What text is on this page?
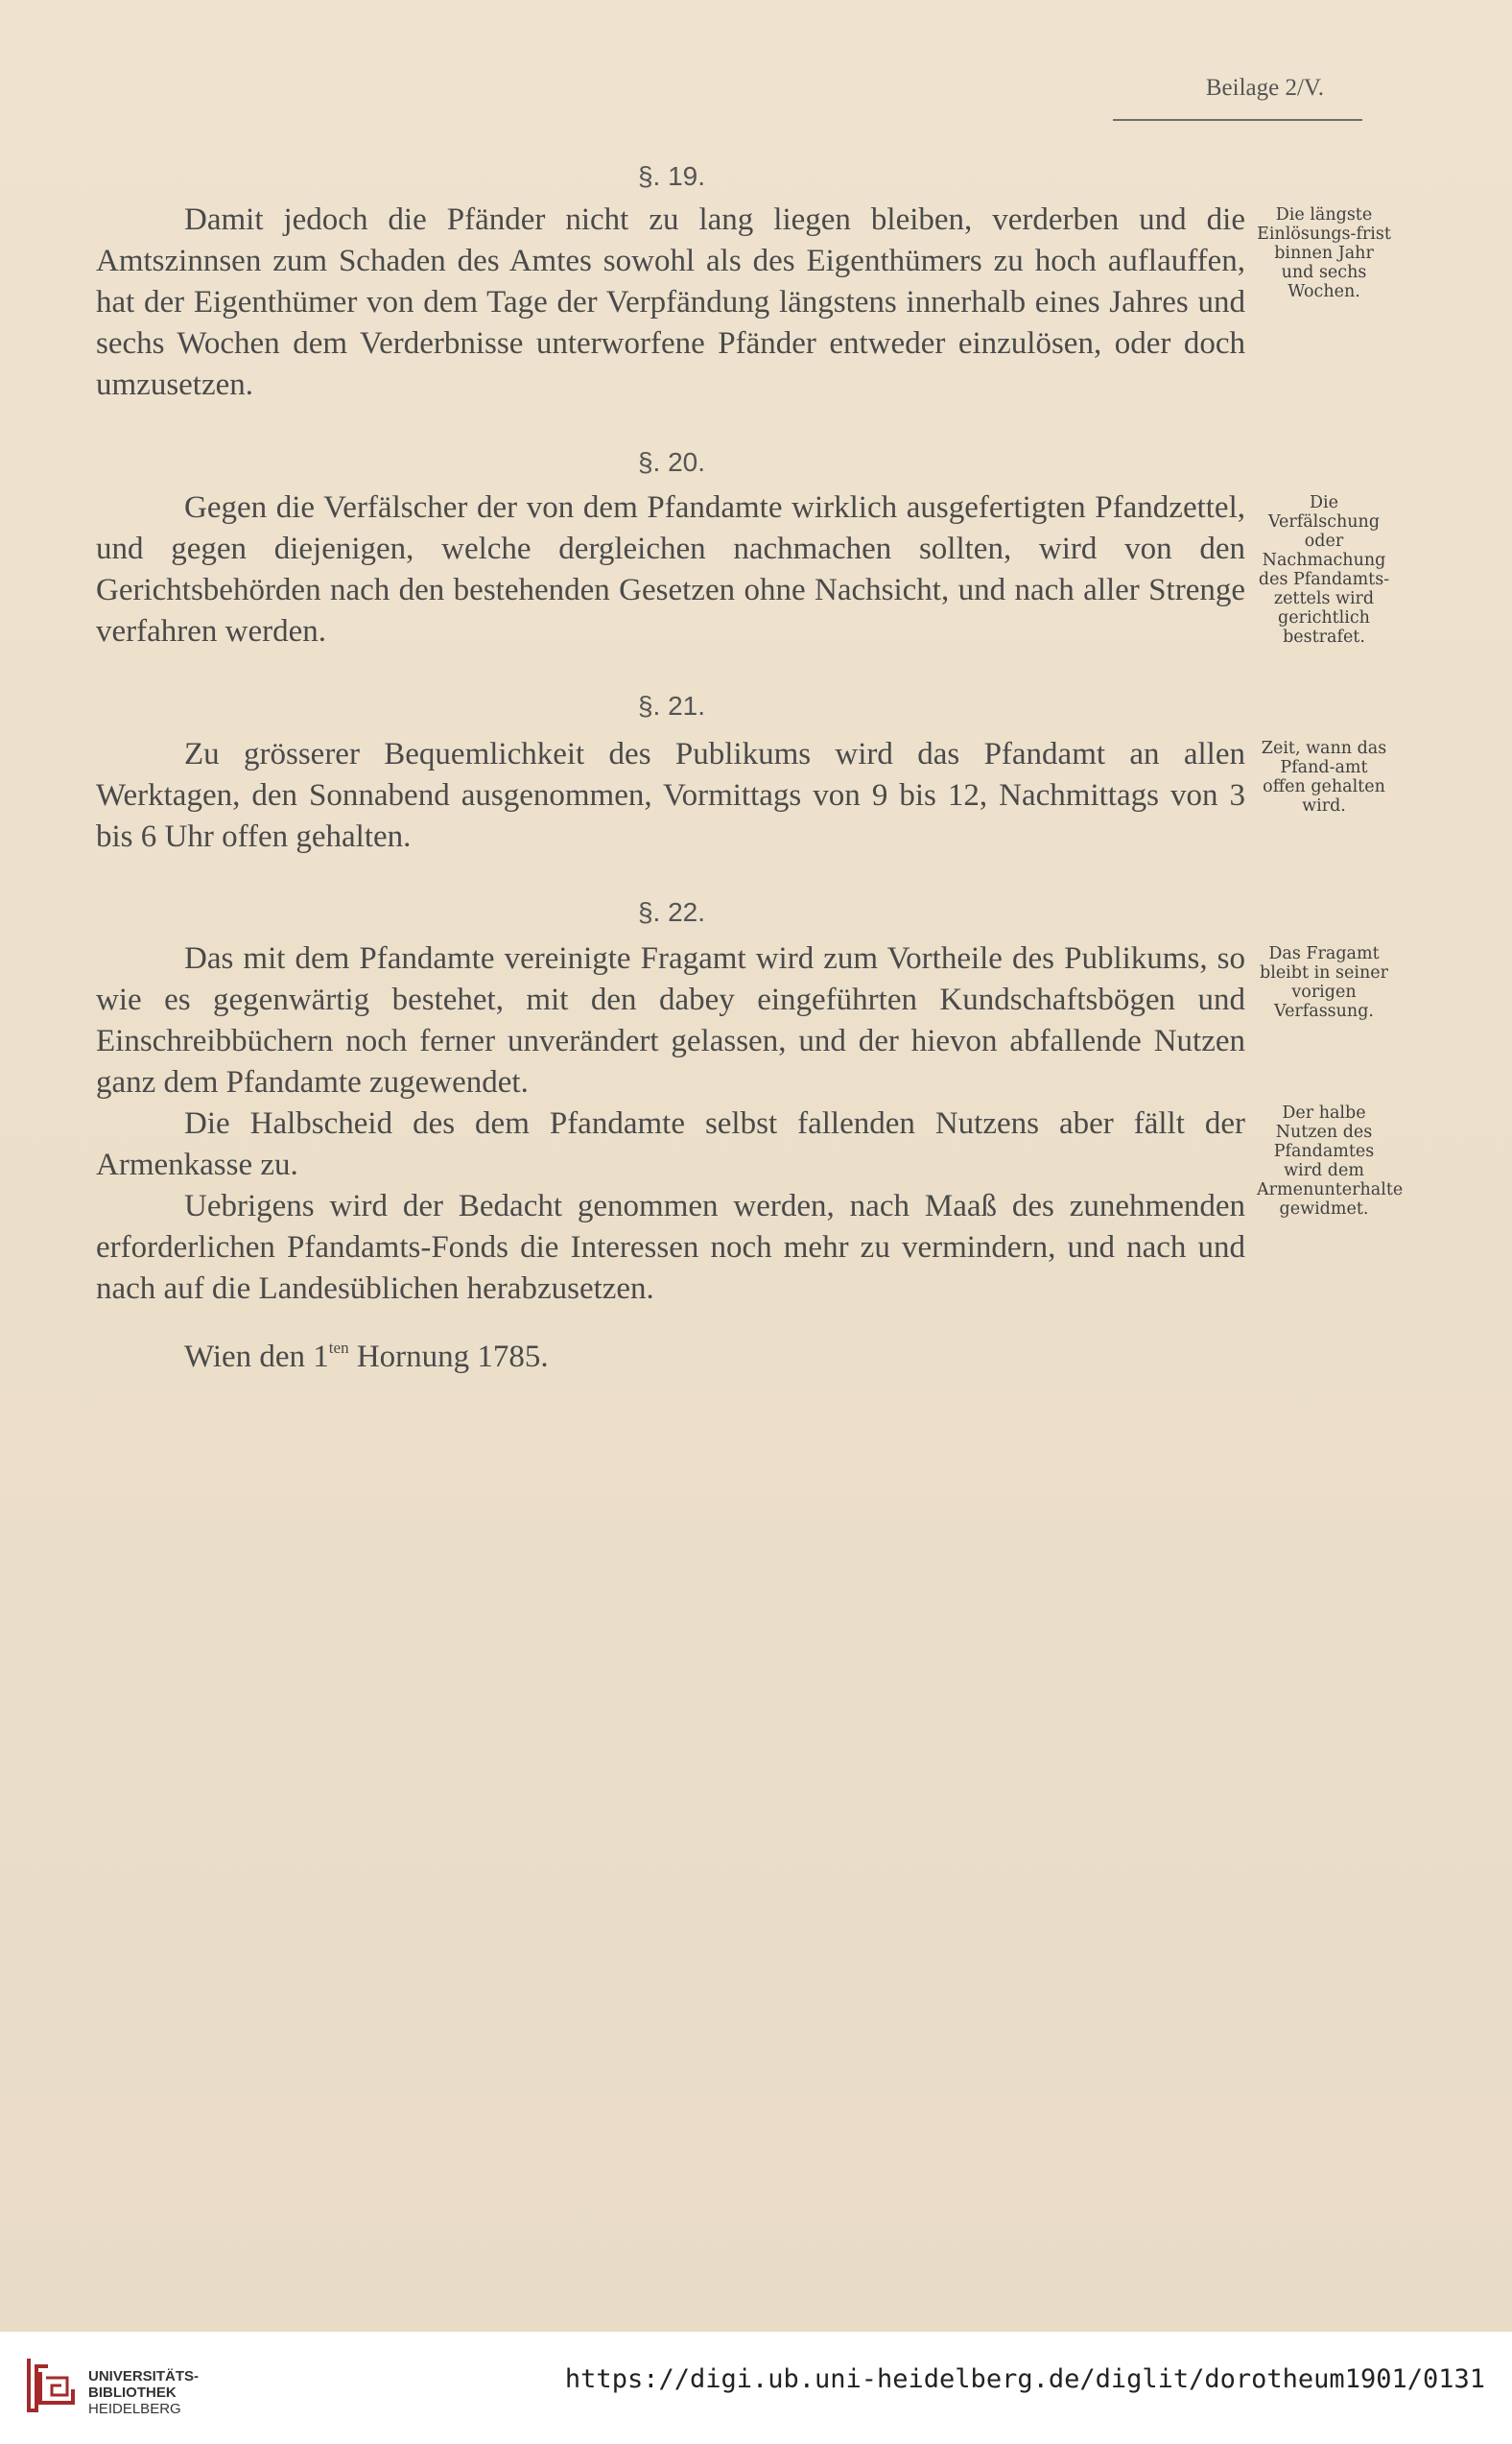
Beilage 2/V.
§. 19.

Damit jedoch die Pfänder nicht zu lang liegen bleiben, verderben und die Amtszinnsen zum Schaden des Amtes sowohl als des Eigenthümers zu hoch auflauffen, hat der Eigenthümer von dem Tage der Verpfändung längstens innerhalb eines Jahres und sechs Wochen dem Verderbnisse unterworfene Pfänder entweder einzulösen, oder doch umzusetzen.

Die längste Einlösungs-frist binnen Jahr und sechs Wochen.
§. 20.

Gegen die Verfälscher der von dem Pfandamte wirklich ausgefertigten Pfandzettel, und gegen diejenigen, welche dergleichen nachmachen sollten, wird von den Gerichtsbehörden nach den bestehenden Gesetzen ohne Nachsicht, und nach aller Strenge verfahren werden.

Die Verfälschung oder Nachmachung des Pfandamts-zettels wird gerichtlich bestrafet.
§. 21.

Zu grösserer Bequemlichkeit des Publikums wird das Pfandamt an allen Werktagen, den Sonnabend ausgenommen, Vormittags von 9 bis 12, Nachmittags von 3 bis 6 Uhr offen gehalten.

Zeit, wann das Pfand-amt offen gehalten wird.
§. 22.

Das mit dem Pfandamte vereinigte Fragamt wird zum Vortheile des Publikums, so wie es gegenwärtig bestehet, mit den dabey eingeführten Kundschaftsbögen und Einschreibbüchern noch ferner unverändert gelassen, und der hievon abfallende Nutzen ganz dem Pfandamte zugewendet.

Die Halbscheid des dem Pfandamte selbst fallenden Nutzens aber fällt der Armenkasse zu.

Uebrigens wird der Bedacht genommen werden, nach Maaß des zunehmenden erforderlichen Pfandamts-Fonds die Interessen noch mehr zu vermindern, und nach und nach auf die Landesüblichen herabzusetzen.

Das Fragamt bleibt in seiner vorigen Verfassung.
Der halbe Nutzen des Pfandamtes wird dem Armenunterhalte gewidmet.
Wien den $1^{ten}$ Hornung 1785.
UNIVERSITÄTS-
BIBLIOTHEK
HEIDELBERG
https://digi.ub.uni-heidelberg.de/diglit/dorotheum1901/0131
